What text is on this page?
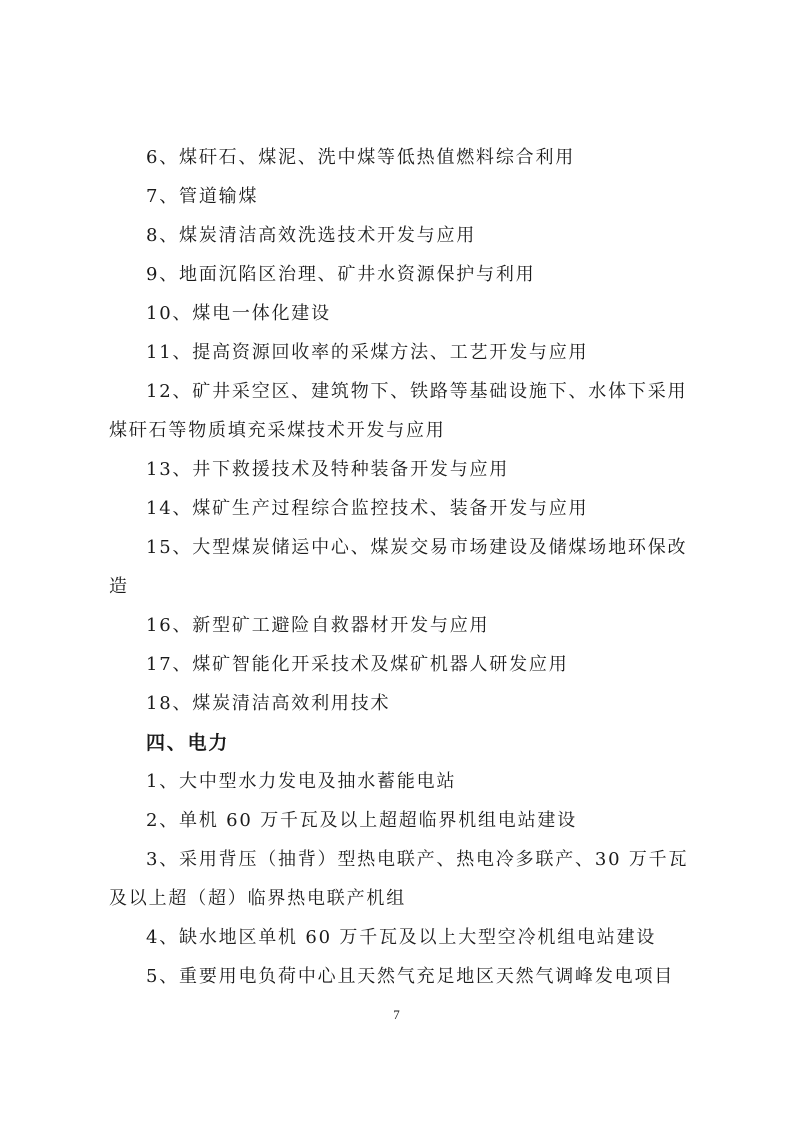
6、煤矸石、煤泥、洗中煤等低热值燃料综合利用
7、管道输煤
8、煤炭清洁高效洗选技术开发与应用
9、地面沉陷区治理、矿井水资源保护与利用
10、煤电一体化建设
11、提高资源回收率的采煤方法、工艺开发与应用
12、矿井采空区、建筑物下、铁路等基础设施下、水体下采用
煤矸石等物质填充采煤技术开发与应用
13、井下救援技术及特种装备开发与应用
14、煤矿生产过程综合监控技术、装备开发与应用
15、大型煤炭储运中心、煤炭交易市场建设及储煤场地环保改
造
16、新型矿工避险自救器材开发与应用
17、煤矿智能化开采技术及煤矿机器人研发应用
18、煤炭清洁高效利用技术
四、电力
1、大中型水力发电及抽水蓄能电站
2、单机 60 万千瓦及以上超超临界机组电站建设
3、采用背压（抽背）型热电联产、热电冷多联产、30 万千瓦
及以上超（超）临界热电联产机组
4、缺水地区单机 60 万千瓦及以上大型空冷机组电站建设
5、重要用电负荷中心且天然气充足地区天然气调峰发电项目
7
